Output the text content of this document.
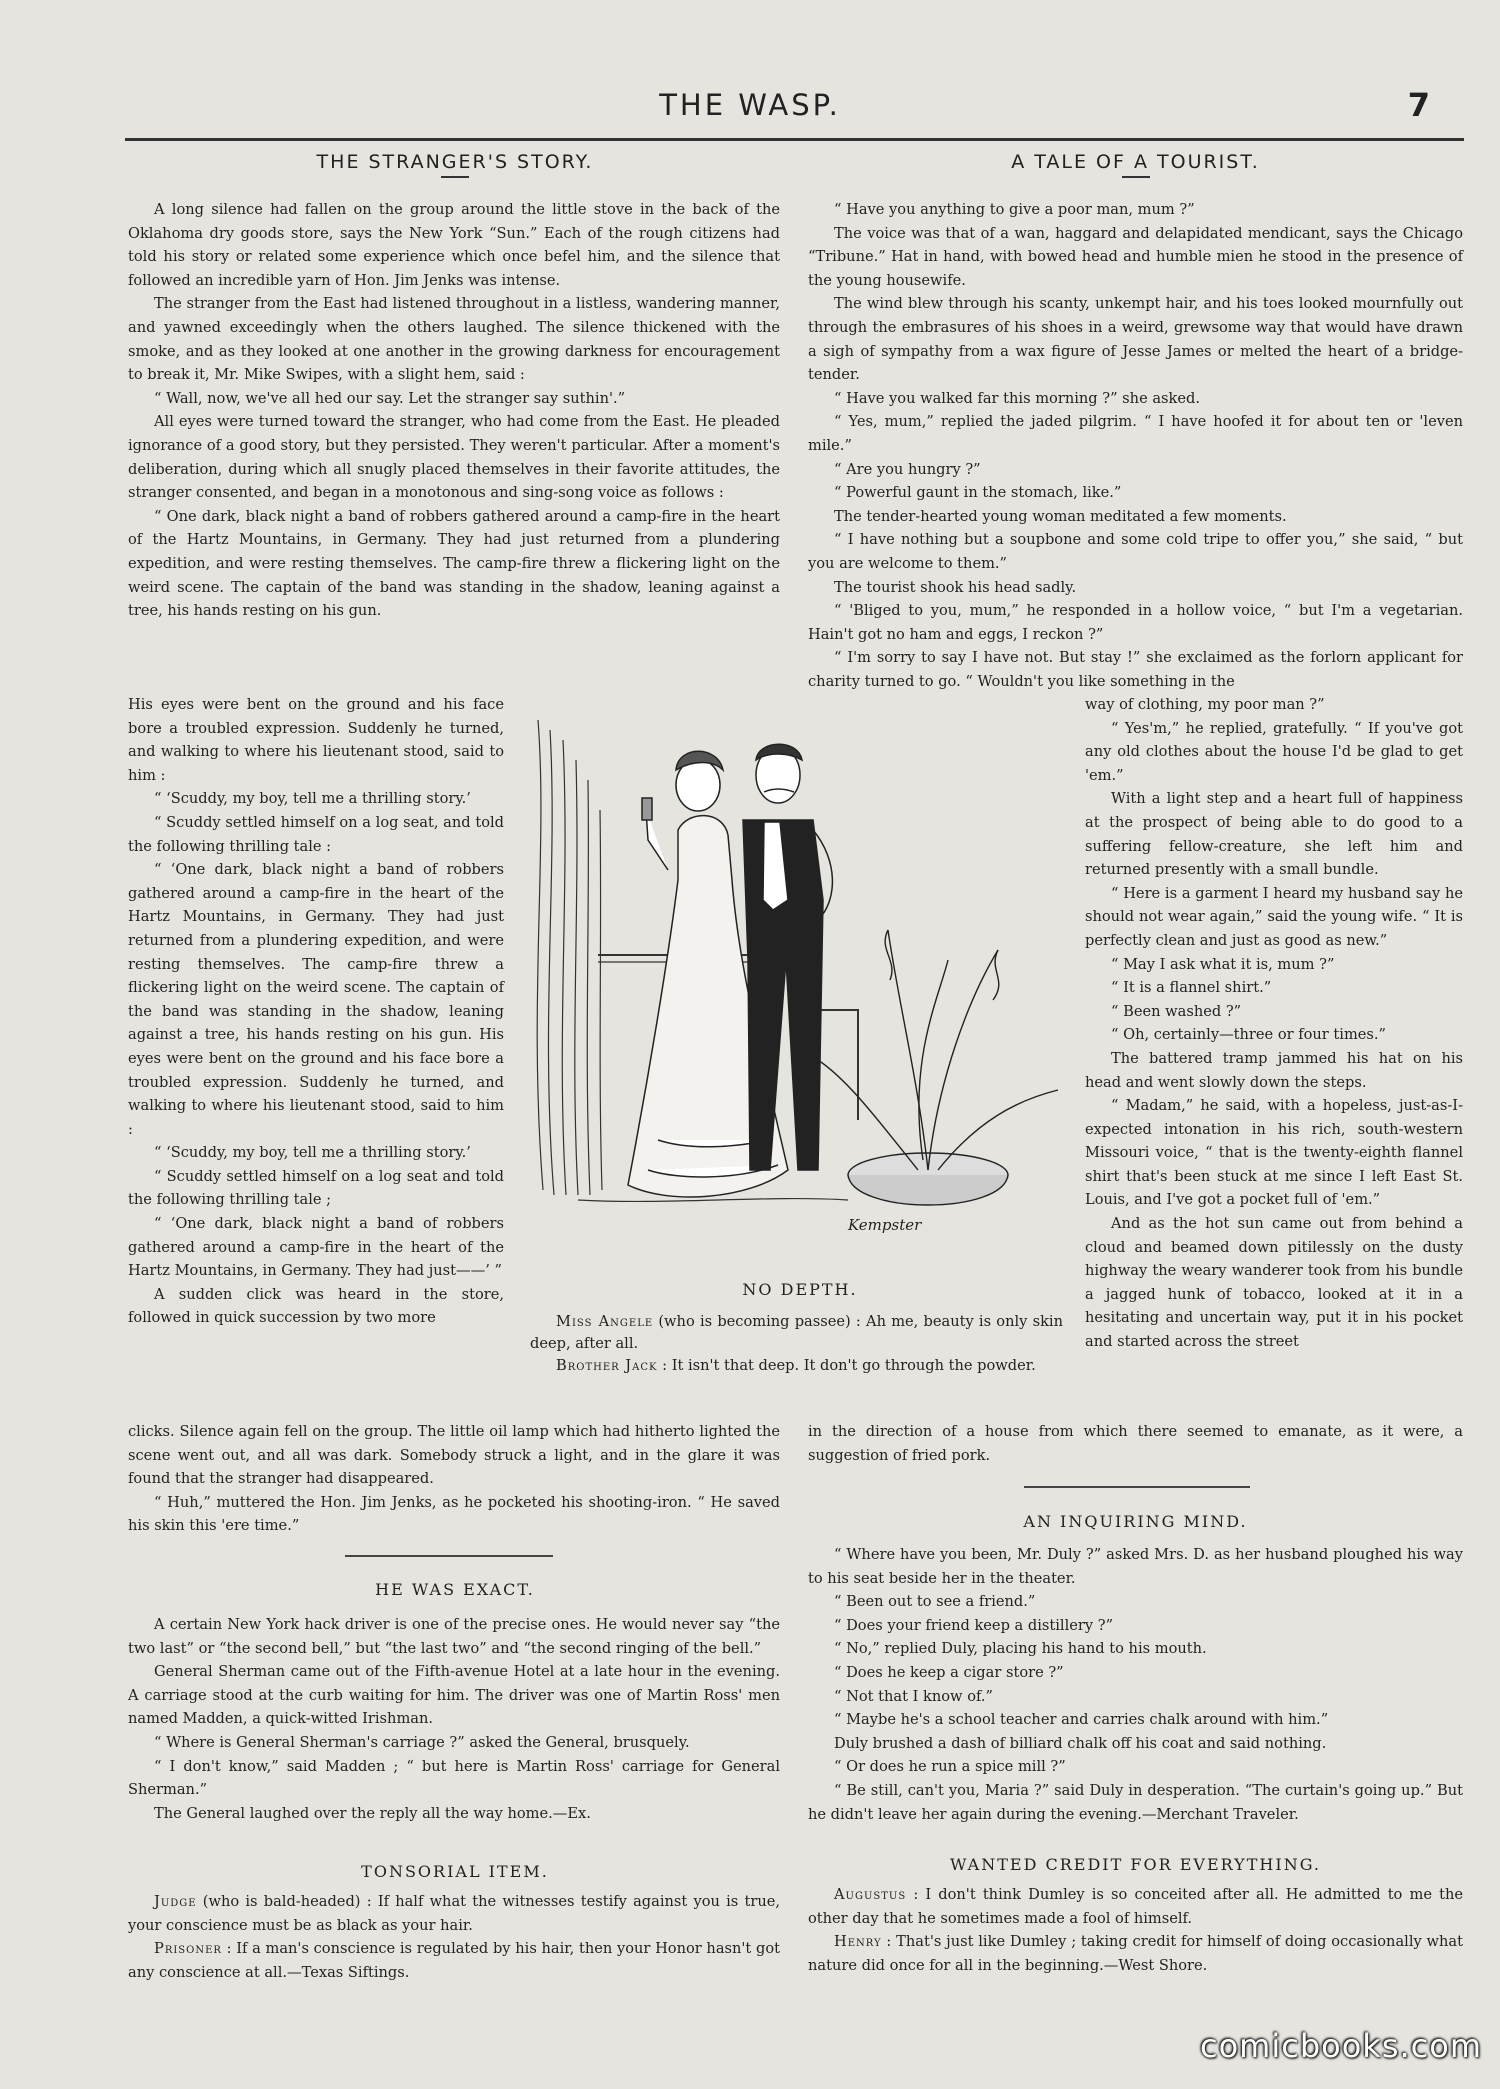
THE WASP.	7
THE STRANGER'S STORY.

A long silence had fallen on the group around the little stove in the back of the Oklahoma dry goods store, says the New York “Sun.” Each of the rough citizens had told his story or related some experience which once befel him, and the silence that followed an incredible yarn of Hon. Jim Jenks was intense.

The stranger from the East had listened throughout in a listless, wandering manner, and yawned exceedingly when the others laughed. The silence thickened with the smoke, and as they looked at one another in the growing darkness for encouragement to break it, Mr. Mike Swipes, with a slight hem, said :

“ Wall, now, we've all hed our say. Let the stranger say suthin'.”

All eyes were turned toward the stranger, who had come from the East. He pleaded ignorance of a good story, but they persisted. They weren't particular. After a moment's deliberation, during which all snugly placed themselves in their favorite attitudes, the stranger consented, and began in a monotonous and sing-song voice as follows :

“ One dark, black night a band of robbers gathered around a camp-fire in the heart of the Hartz Mountains, in Germany. They had just returned from a plundering expedition, and were resting themselves. The camp-fire threw a flickering light on the weird scene. The captain of the band was standing in the shadow, leaning against a tree, his hands resting on his gun.

His eyes were bent on the ground and his face bore a troubled expression. Suddenly he turned, and walking to where his lieutenant stood, said to him :

“ ‘Scuddy, my boy, tell me a thrilling story.’

“ Scuddy settled himself on a log seat, and told the following thrilling tale :

“ ‘One dark, black night a band of robbers gathered around a camp-fire in the heart of the Hartz Mountains, in Germany. They had just returned from a plundering expedition, and were resting themselves. The camp-fire threw a flickering light on the weird scene. The captain of the band was standing in the shadow, leaning against a tree, his hands resting on his gun. His eyes were bent on the ground and his face bore a troubled expression. Suddenly he turned, and walking to where his lieutenant stood, said to him :

“ ‘Scuddy, my boy, tell me a thrilling story.’

“ Scuddy settled himself on a log seat and told the following thrilling tale ;

“ ‘One dark, black night a band of robbers gathered around a camp-fire in the heart of the Hartz Mountains, in Germany. They had just——’ ”

A sudden click was heard in the store, followed in quick succession by two more

clicks. Silence again fell on the group. The little oil lamp which had hitherto lighted the scene went out, and all was dark. Somebody struck a light, and in the glare it was found that the stranger had disappeared.

“ Huh,” muttered the Hon. Jim Jenks, as he pocketed his shooting-iron. “ He saved his skin this 'ere time.”

HE WAS EXACT.

A certain New York hack driver is one of the precise ones. He would never say “the two last” or “the second bell,” but “the last two” and “the second ringing of the bell.”

General Sherman came out of the Fifth-avenue Hotel at a late hour in the evening. A carriage stood at the curb waiting for him. The driver was one of Martin Ross' men named Madden, a quick-witted Irishman.

“ Where is General Sherman's carriage ?” asked the General, brusquely.

“ I don't know,” said Madden ; “ but here is Martin Ross' carriage for General Sherman.”

The General laughed over the reply all the way home.—Ex.

TONSORIAL ITEM.

Judge (who is bald-headed) : If half what the witnesses testify against you is true, your conscience must be as black as your hair.

Prisoner : If a man's conscience is regulated by his hair, then your Honor hasn't got any conscience at all.—Texas Siftings.

A TALE OF A TOURIST.

“ Have you anything to give a poor man, mum ?”

The voice was that of a wan, haggard and delapidated mendicant, says the Chicago “Tribune.” Hat in hand, with bowed head and humble mien he stood in the presence of the young housewife.

The wind blew through his scanty, unkempt hair, and his toes looked mournfully out through the embrasures of his shoes in a weird, grewsome way that would have drawn a sigh of sympathy from a wax figure of Jesse James or melted the heart of a bridge-tender.

“ Have you walked far this morning ?” she asked.

“ Yes, mum,” replied the jaded pilgrim. “ I have hoofed it for about ten or 'leven mile.”

“ Are you hungry ?”

“ Powerful gaunt in the stomach, like.”

The tender-hearted young woman meditated a few moments.

“ I have nothing but a soupbone and some cold tripe to offer you,” she said, “ but you are welcome to them.”

The tourist shook his head sadly.

“ 'Bliged to you, mum,” he responded in a hollow voice, “ but I'm a vegetarian. Hain't got no ham and eggs, I reckon ?”

“ I'm sorry to say I have not. But stay !” she exclaimed as the forlorn applicant for charity turned to go. “ Wouldn't you like something in the

way of clothing, my poor man ?”

“ Yes'm,” he replied, gratefully. “ If you've got any old clothes about the house I'd be glad to get 'em.”

With a light step and a heart full of happiness at the prospect of being able to do good to a suffering fellow-creature, she left him and returned presently with a small bundle.

“ Here is a garment I heard my husband say he should not wear again,” said the young wife. “ It is perfectly clean and just as good as new.”

“ May I ask what it is, mum ?”

“ It is a flannel shirt.”

“ Been washed ?”

“ Oh, certainly—three or four times.”

The battered tramp jammed his hat on his head and went slowly down the steps.

“ Madam,” he said, with a hopeless, just-as-I-expected intonation in his rich, south-western Missouri voice, “ that is the twenty-eighth flannel shirt that's been stuck at me since I left East St. Louis, and I've got a pocket full of 'em.”

And as the hot sun came out from behind a cloud and beamed down pitilessly on the dusty highway the weary wanderer took from his bundle a jagged hunk of tobacco, looked at it in a hesitating and uncertain way, put it in his pocket and started across the street

in the direction of a house from which there seemed to emanate, as it were, a suggestion of fried pork.

Kempster
NO DEPTH.

Miss Angele (who is becoming passee) : Ah me, beauty is only skin deep, after all.

Brother Jack : It isn't that deep. It don't go through the powder.

AN INQUIRING MIND.

“ Where have you been, Mr. Duly ?” asked Mrs. D. as her husband ploughed his way to his seat beside her in the theater.

“ Been out to see a friend.”

“ Does your friend keep a distillery ?”

“ No,” replied Duly, placing his hand to his mouth.

“ Does he keep a cigar store ?”

“ Not that I know of.”

“ Maybe he's a school teacher and carries chalk around with him.”

Duly brushed a dash of billiard chalk off his coat and said nothing.

“ Or does he run a spice mill ?”

“ Be still, can't you, Maria ?” said Duly in desperation. “The curtain's going up.” But he didn't leave her again during the evening.—Merchant Traveler.

WANTED CREDIT FOR EVERYTHING.

Augustus : I don't think Dumley is so conceited after all. He admitted to me the other day that he sometimes made a fool of himself.

Henry : That's just like Dumley ; taking credit for himself of doing occasionally what nature did once for all in the beginning.—West Shore.

comicbooks.com
